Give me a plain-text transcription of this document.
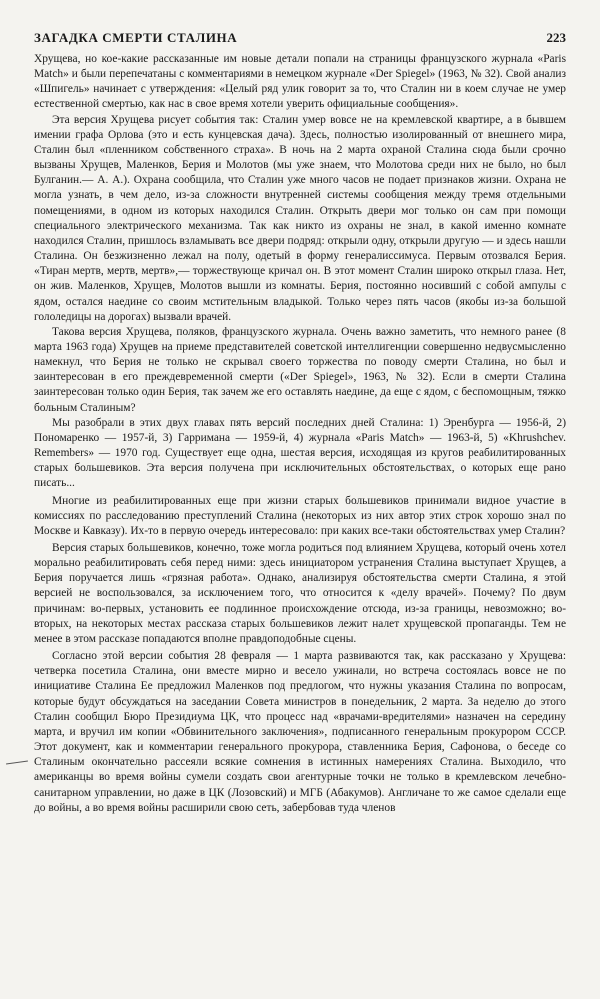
ЗАГАДКА СМЕРТИ СТАЛИНА	223

Хрущева, но кое-какие рассказанные им новые детали попали на страницы французского журнала «Paris Match» и были перепечатаны с комментариями в немецком журнале «Der Spiegel» (1963, № 32). Свой анализ «Шпигель» начинает с утверждения: «Целый ряд улик говорит за то, что Сталин ни в коем случае не умер естественной смертью, как нас в свое время хотели уверить официальные сообщения».

Эта версия Хрущева рисует события так: Сталин умер вовсе не на кремлевской квартире, а в бывшем имении графа Орлова (это и есть кунцевская дача). Здесь, полностью изолированный от внешнего мира, Сталин был «пленником собственного страха». В ночь на 2 марта охраной Сталина сюда были срочно вызваны Хрущев, Маленков, Берия и Молотов (мы уже знаем, что Молотова среди них не было, но был Булганин.— А. А.). Охрана сообщила, что Сталин уже много часов не подает признаков жизни. Охрана не могла узнать, в чем дело, из-за сложности внутренней системы сообщения между тремя отдельными помещениями, в одном из которых находился Сталин. Открыть двери мог только он сам при помощи специального электрического механизма. Так как никто из охраны не знал, в какой именно комнате находился Сталин, пришлось взламывать все двери подряд: открыли одну, открыли другую — и здесь нашли Сталина. Он безжизненно лежал на полу, одетый в форму генералиссимуса. Первым отозвался Берия. «Тиран мертв, мертв, мертв»,— торжествующе кричал он. В этот момент Сталин широко открыл глаза. Нет, он жив. Маленков, Хрущев, Молотов вышли из комнаты. Берия, постоянно носивший с собой ампулы с ядом, остался наедине со своим мстительным владыкой. Только через пять часов (якобы из-за большой гололедицы на дорогах) вызвали врачей.

Такова версия Хрущева, поляков, французского журнала. Очень важно заметить, что немного ранее (8 марта 1963 года) Хрущев на приеме представителей советской интеллигенции совершенно недвусмысленно намекнул, что Берия не только не скрывал своего торжества по поводу смерти Сталина, но был и заинтересован в его преждевременной смерти («Der Spiegel», 1963, № 32). Если в смерти Сталина заинтересован только один Берия, так зачем же его оставлять наедине, да еще с ядом, с беспомощным, тяжко больным Сталиным?

Мы разобрали в этих двух главах пять версий последних дней Сталина: 1) Эренбурга — 1956-й, 2) Пономаренко — 1957-й, 3) Гарримана — 1959-й, 4) журнала «Paris Match» — 1963-й, 5) «Khrushchev. Remembers» — 1970 год. Существует еще одна, шестая версия, исходящая из кругов реабилитированных старых большевиков. Эта версия получена при исключительных обстоятельствах, о которых еще рано писать...

Многие из реабилитированных еще при жизни старых большевиков принимали видное участие в комиссиях по расследованию преступлений Сталина (некоторых из них автор этих строк хорошо знал по Москве и Кавказу). Их-то в первую очередь интересовало: при каких все-таки обстоятельствах умер Сталин?

Версия старых большевиков, конечно, тоже могла родиться под влиянием Хрущева, который очень хотел морально реабилитировать себя перед ними: здесь инициатором устранения Сталина выступает Хрущев, а Берия поручается лишь «грязная работа». Однако, анализируя обстоятельства смерти Сталина, я этой версией не воспользовался, за исключением того, что относится к «делу врачей». Почему? По двум причинам: во-первых, установить ее подлинное происхождение отсюда, из-за границы, невозможно; во-вторых, на некоторых местах рассказа старых большевиков лежит налет хрущевской пропаганды. Тем не менее в этом рассказе попадаются вполне правдоподобные сцены.

Согласно этой версии события 28 февраля — 1 марта развиваются так, как рассказано у Хрущева: четверка посетила Сталина, они вместе мирно и весело ужинали, но встреча состоялась вовсе не по инициативе Сталина Ее предложил Маленков под предлогом, что нужны указания Сталина по вопросам, которые будут обсуждаться на заседании Совета министров в понедельник, 2 марта. За неделю до этого Сталин сообщил Бюро Президиума ЦК, что процесс над «врачами-вредителями» назначен на середину марта, и вручил им копии «Обвинительного заключения», подписанного генеральным прокурором СССР. Этот документ, как и комментарии генерального прокурора, ставленника Берия, Сафонова, о беседе со Сталиным окончательно рассеяли всякие сомнения в истинных намерениях Сталина. Выходило, что американцы во время войны сумели создать свои агентурные точки не только в кремлевском лечебно-санитарном управлении, но даже в ЦК (Лозовский) и МГБ (Абакумов). Англичане то же самое сделали еще до войны, а во время войны расширили свою сеть, забербовав туда членов
